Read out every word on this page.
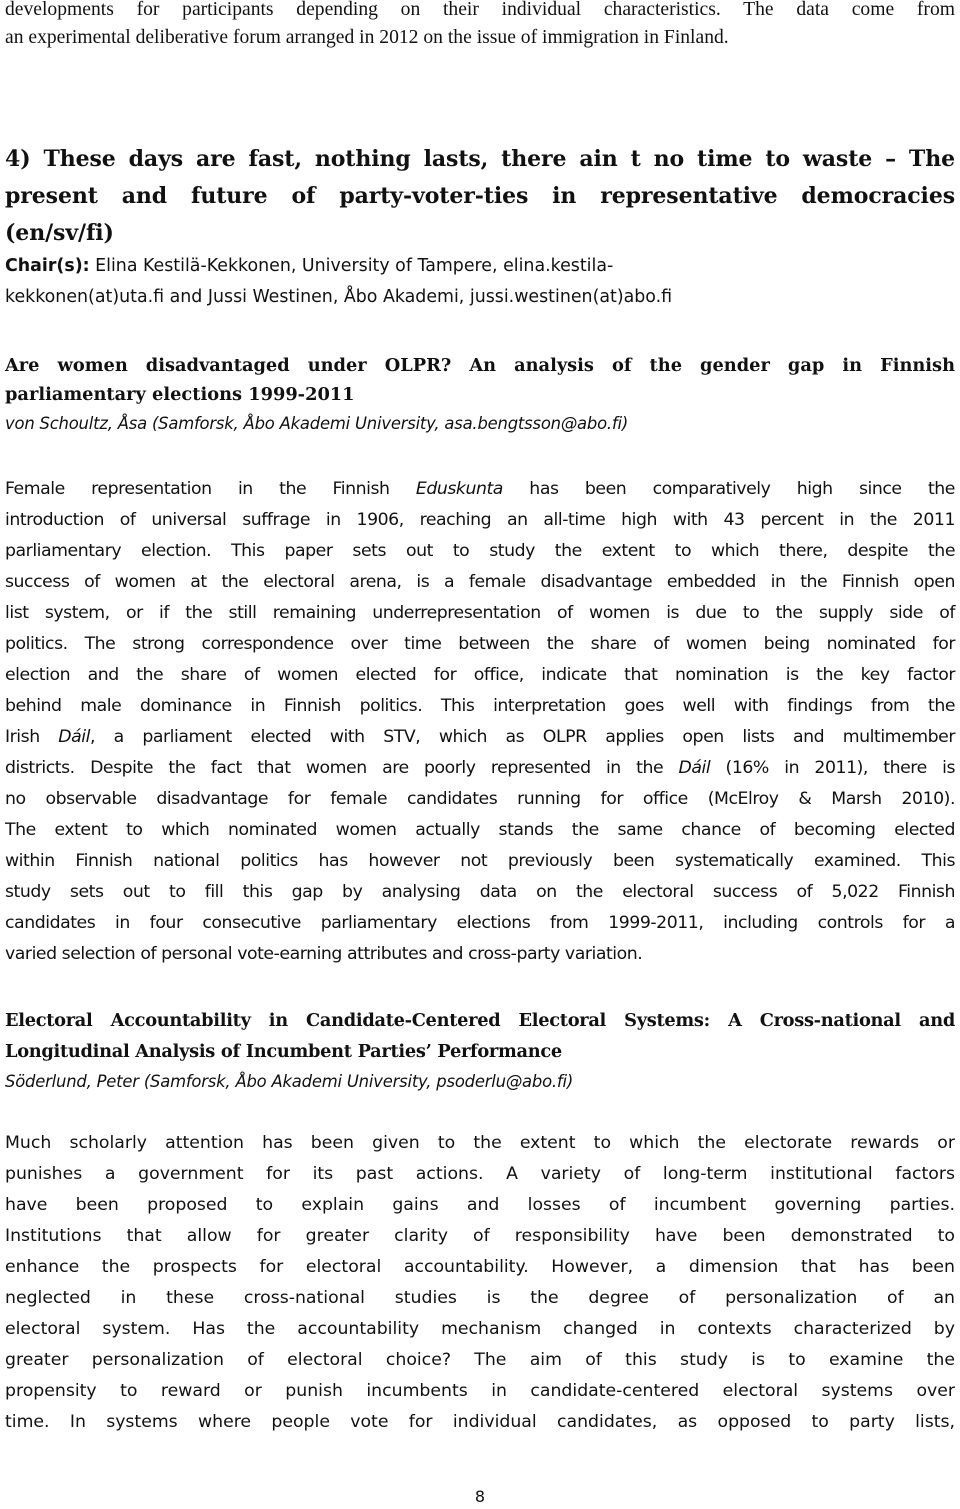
developments for participants depending on their individual characteristics. The data come from
an experimental deliberative forum arranged in 2012 on the issue of immigration in Finland.

4) These days are fast, nothing lasts, there ain t no time to waste – The
present and future of party-voter-ties in representative democracies
(en/sv/fi)

Chair(s): Elina Kestilä-Kekkonen, University of Tampere, elina.kestila-
kekkonen(at)uta.fi and Jussi Westinen, Åbo Akademi, jussi.westinen(at)abo.fi

Are women disadvantaged under OLPR? An analysis of the gender gap in Finnish
parliamentary elections 1999-2011

von Schoultz, Åsa (Samforsk, Åbo Akademi University, asa.bengtsson@abo.fi)

Female representation in the Finnish Eduskunta has been comparatively high since the
introduction of universal suffrage in 1906, reaching an all-time high with 43 percent in the 2011
parliamentary election. This paper sets out to study the extent to which there, despite the
success of women at the electoral arena, is a female disadvantage embedded in the Finnish open
list system, or if the still remaining underrepresentation of women is due to the supply side of
politics. The strong correspondence over time between the share of women being nominated for
election and the share of women elected for office, indicate that nomination is the key factor
behind male dominance in Finnish politics. This interpretation goes well with findings from the
Irish Dáil, a parliament elected with STV, which as OLPR applies open lists and multimember
districts. Despite the fact that women are poorly represented in the Dáil (16% in 2011), there is
no observable disadvantage for female candidates running for office (McElroy & Marsh 2010).
The extent to which nominated women actually stands the same chance of becoming elected
within Finnish national politics has however not previously been systematically examined. This
study sets out to fill this gap by analysing data on the electoral success of 5,022 Finnish
candidates in four consecutive parliamentary elections from 1999-2011, including controls for a
varied selection of personal vote-earning attributes and cross-party variation.

Electoral Accountability in Candidate-Centered Electoral Systems: A Cross-national and
Longitudinal Analysis of Incumbent Parties’ Performance

Söderlund, Peter (Samforsk, Åbo Akademi University, psoderlu@abo.fi)

Much scholarly attention has been given to the extent to which the electorate rewards or
punishes a government for its past actions. A variety of long-term institutional factors
have been proposed to explain gains and losses of incumbent governing parties.
Institutions that allow for greater clarity of responsibility have been demonstrated to
enhance the prospects for electoral accountability. However, a dimension that has been
neglected in these cross-national studies is the degree of personalization of an
electoral system. Has the accountability mechanism changed in contexts characterized by
greater personalization of electoral choice? The aim of this study is to examine the
propensity to reward or punish incumbents in candidate-centered electoral systems over
time. In systems where people vote for individual candidates, as opposed to party lists,

8
